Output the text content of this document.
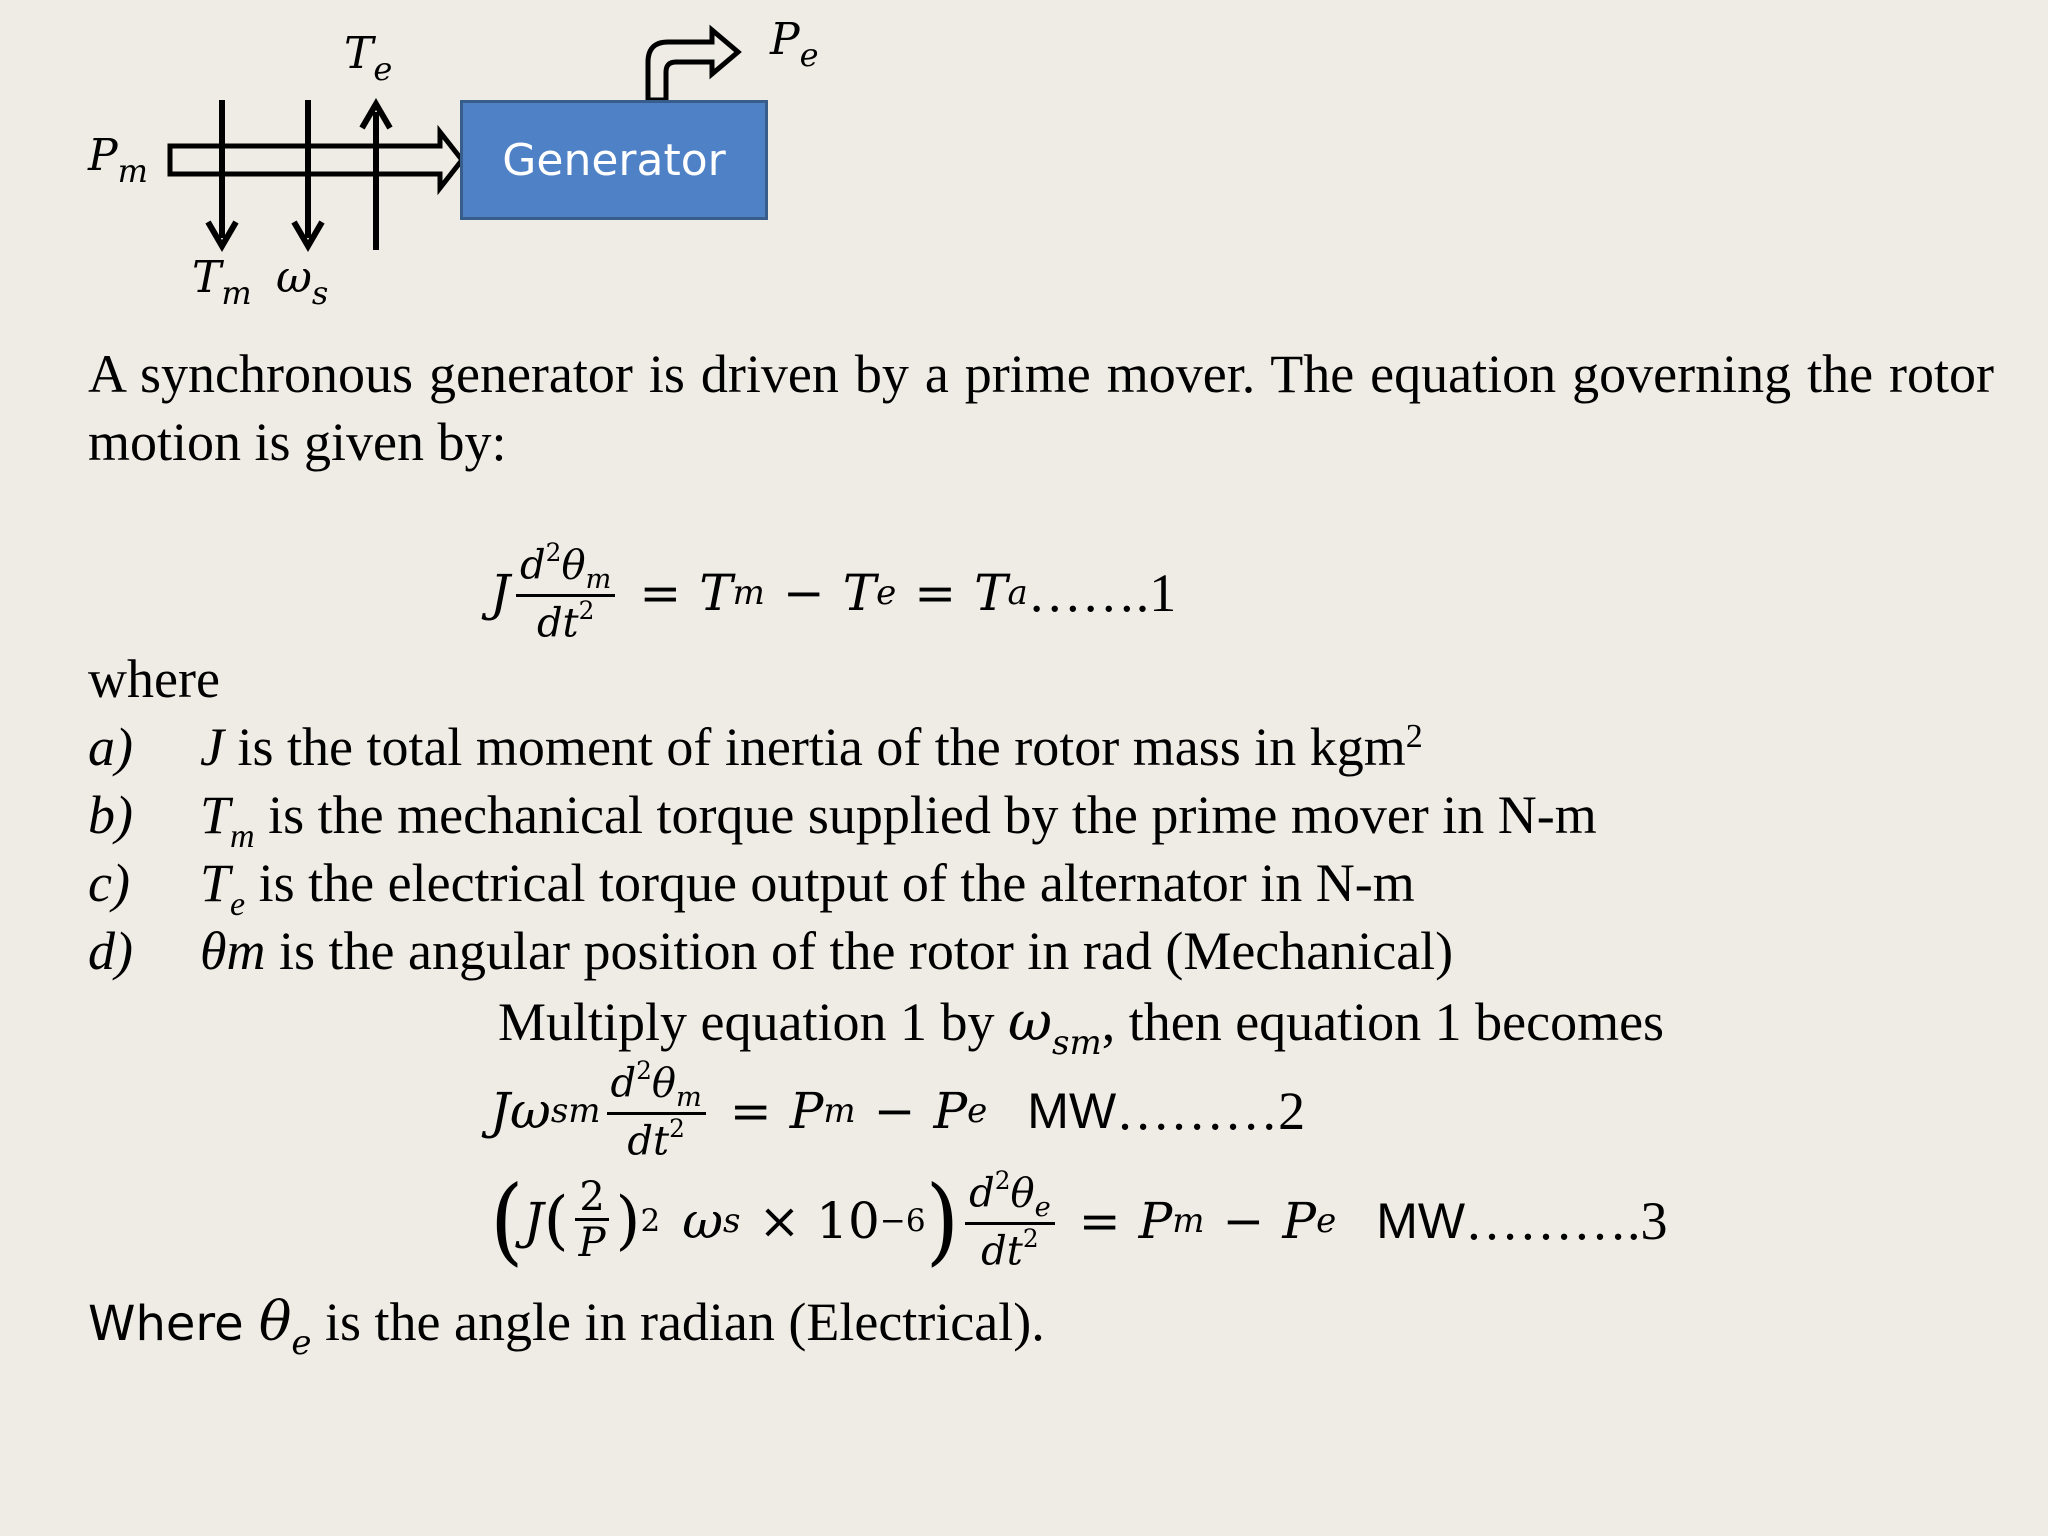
Generator
$P_m$
$T_e$
$P_e$
$T_m$ $\omega_s$
A synchronous generator is driven by a prime mover. The equation governing the rotor motion is given by:
J $\frac{d^2\theta_m}{dt^2} = T$ m − T e = T a …….1
where
a) J is the total moment of inertia of the rotor mass in kgm$^2$
b) $T_m$ is the mechanical torque supplied by the prime mover in N-m
c) $T_e$ is the electrical torque output of the alternator in N-m
d) θm is the angular position of the rotor in rad (Mechanical)
Multiply equation 1 by $\omega_{sm}$, then equation 1 becomes
J ω sm $\frac{d^2\theta_m}{dt^2} = P$ m − P e MW ………2
( J ( $\frac{2}{P}$ ) 2 ω s × 10 −6 ) $\frac{d^2\theta_e}{dt^2} = P$ m − P e MW ……….3
Where $\theta_e$ is the angle in radian (Electrical).
